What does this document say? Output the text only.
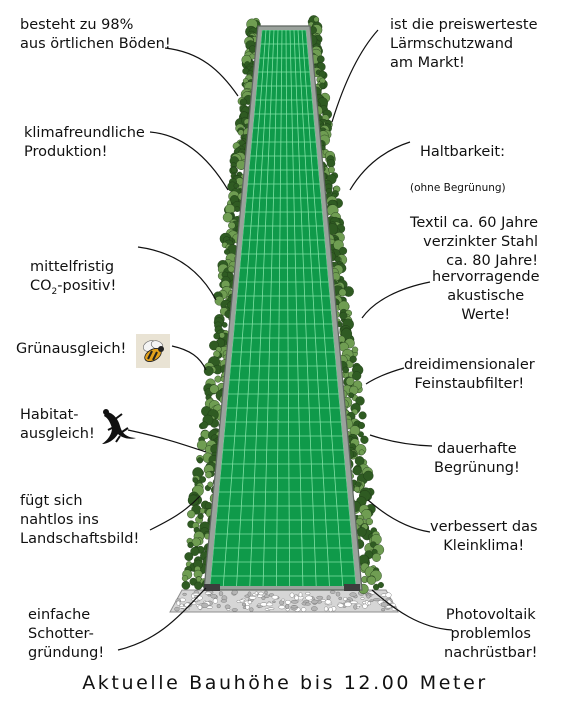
besteht zu 98%
aus örtlichen Böden!
klimafreundliche
Produktion!

mittelfristig
$CO_2$-positiv!

Grünausgleich!
Habitat-
ausgleich!
fügt sich
nahtlos ins
Landschaftsbild!
einfache
Schotter-
gründung!
ist die preiswerteste
Lärmschutzwand
am Markt!

Haltbarkeit:

(ohne Begrünung)

Textil ca. 60 Jahre
verzinkter Stahl
ca. 80 Jahre!

hervorragende
akustische
Werte!
dreidimensionaler
Feinstaubfilter!
dauerhafte
Begrünung!
verbessert das
Kleinklima!
Photovoltaik
problemlos
nachrüstbar!
Aktuelle Bauhöhe bis 12.00 Meter
